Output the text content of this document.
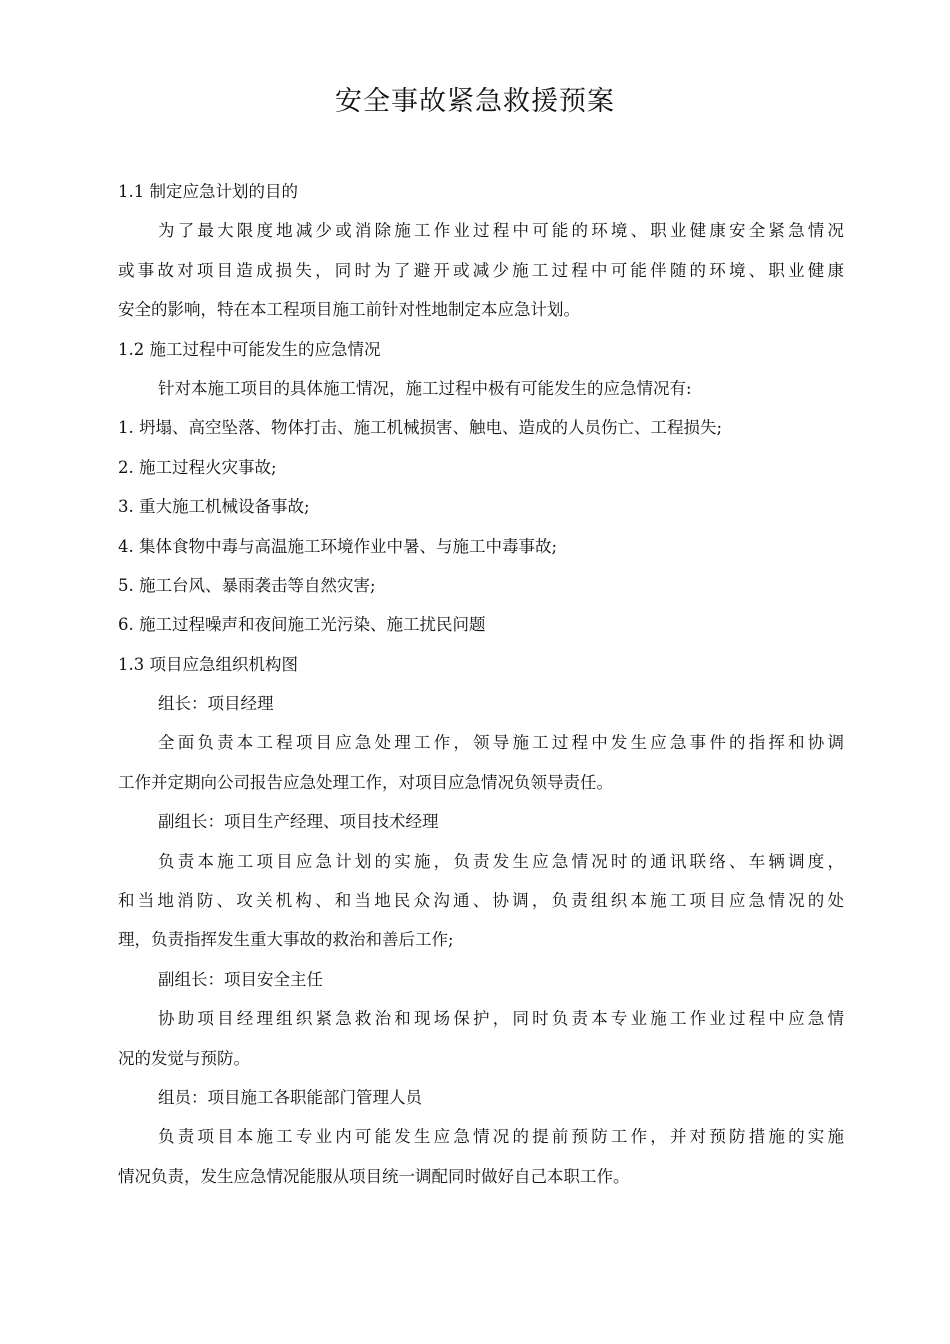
安全事故紧急救援预案
1.1 制定应急计划的目的
为了最大限度地减少或消除施工作业过程中可能的环境、职业健康安全紧急情况
或事故对项目造成损失，同时为了避开或减少施工过程中可能伴随的环境、职业健康
安全的影响，特在本工程项目施工前针对性地制定本应急计划。
1.2 施工过程中可能发生的应急情况
针对本施工项目的具体施工情况，施工过程中极有可能发生的应急情况有:
1. 坍塌、高空坠落、物体打击、施工机械损害、触电、造成的人员伤亡、工程损失;
2. 施工过程火灾事故;
3. 重大施工机械设备事故;
4. 集体食物中毒与高温施工环境作业中暑、与施工中毒事故;
5. 施工台风、暴雨袭击等自然灾害;
6. 施工过程噪声和夜间施工光污染、施工扰民问题
1.3 项目应急组织机构图
组长：项目经理
全面负责本工程项目应急处理工作，领导施工过程中发生应急事件的指挥和协调
工作并定期向公司报告应急处理工作，对项目应急情况负领导责任。
副组长：项目生产经理、项目技术经理
负责本施工项目应急计划的实施，负责发生应急情况时的通讯联络、车辆调度，
和当地消防、攻关机构、和当地民众沟通、协调，负责组织本施工项目应急情况的处
理，负责指挥发生重大事故的救治和善后工作;
副组长：项目安全主任
协助项目经理组织紧急救治和现场保护，同时负责本专业施工作业过程中应急情
况的发觉与预防。
组员：项目施工各职能部门管理人员
负责项目本施工专业内可能发生应急情况的提前预防工作，并对预防措施的实施
情况负责，发生应急情况能服从项目统一调配同时做好自己本职工作。
